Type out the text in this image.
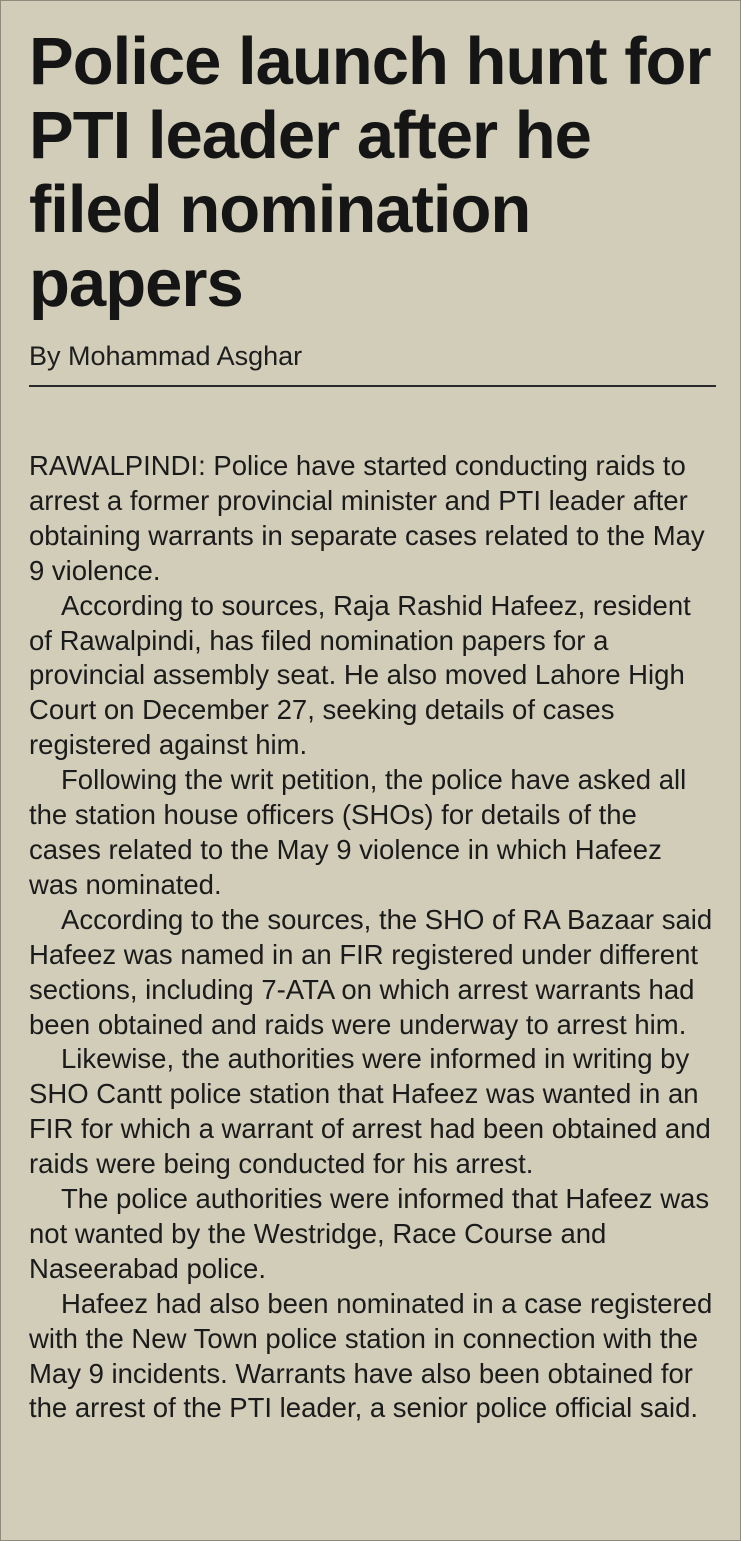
Police launch hunt for PTI leader after he filed nomination papers
By Mohammad Asghar

RAWALPINDI: Police have started conducting raids to arrest a former provincial minister and PTI leader after obtaining warrants in separate cases related to the May 9 violence.

According to sources, Raja Rashid Hafeez, resident of Rawalpindi, has filed nomination papers for a provincial assembly seat. He also moved Lahore High Court on December 27, seeking details of cases registered against him.

Following the writ petition, the police have asked all the station house officers (SHOs) for details of the cases related to the May 9 violence in which Hafeez was nominated.

According to the sources, the SHO of RA Bazaar said Hafeez was named in an FIR registered under different sections, including 7-ATA on which arrest warrants had been obtained and raids were underway to arrest him.

Likewise, the authorities were informed in writing by SHO Cantt police station that Hafeez was wanted in an FIR for which a warrant of arrest had been obtained and raids were being conducted for his arrest.

The police authorities were informed that Hafeez was not wanted by the Westridge, Race Course and Naseerabad police.

Hafeez had also been nominated in a case registered with the New Town police station in connection with the May 9 incidents. Warrants have also been obtained for the arrest of the PTI leader, a senior police official said.
